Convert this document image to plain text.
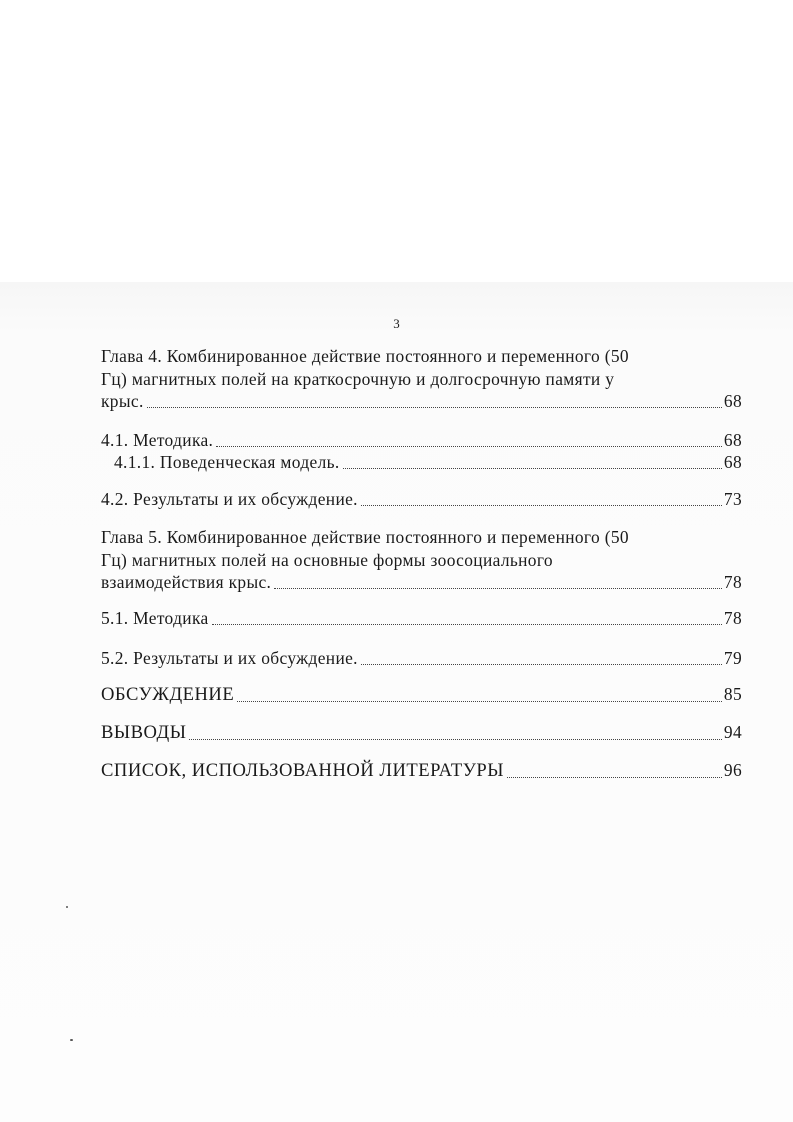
3
Глава 4. Комбинированное действие постоянного и переменного (50
Гц) магнитных полей на краткосрочную и долгосрочную памяти у
крыс.	68
4.1. Методика.	68
4.1.1. Поведенческая модель.	68
4.2. Результаты и их обсуждение.	73
Глава 5. Комбинированное действие постоянного и переменного (50
Гц) магнитных полей на основные формы зоосоциального
взаимодействия крыс.	78
5.1. Методика	78
5.2. Результаты и их обсуждение.	79
ОБСУЖДЕНИЕ	85
ВЫВОДЫ	94
СПИСОК, ИСПОЛЬЗОВАННОЙ ЛИТЕРАТУРЫ	96
